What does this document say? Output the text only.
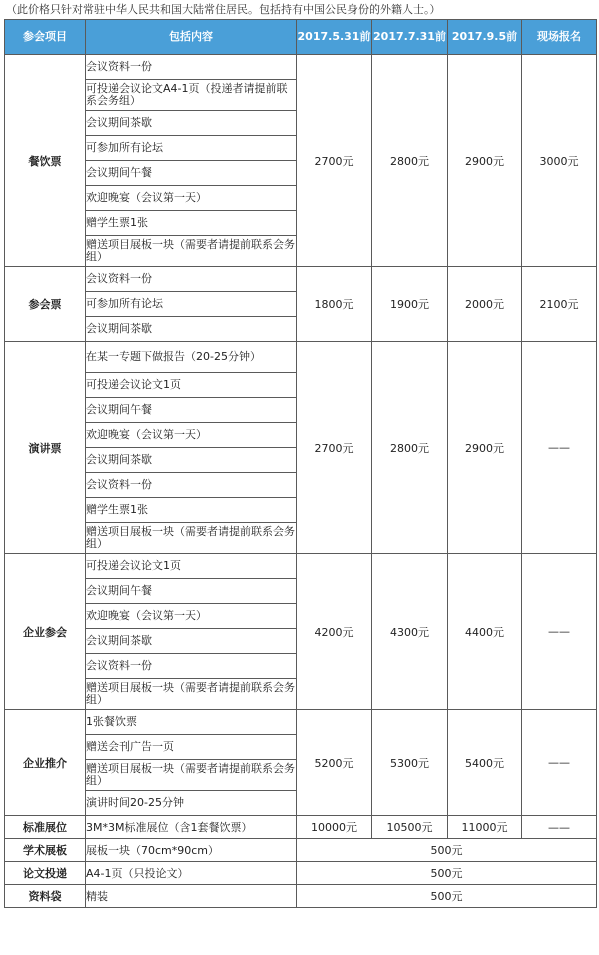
（此价格只针对常驻中华人民共和国大陆常住居民。包括持有中国公民身份的外籍人士。）
参会项目	包括内容	2017.5.31前	2017.7.31前	2017.9.5前	现场报名
餐饮票	会议资料一份	2700元	2800元	2900元	3000元
	可投递会议论文A4-1页（投递者请提前联系会务组）				
	会议期间茶歇				
	可参加所有论坛				
	会议期间午餐				
	欢迎晚宴（会议第一天）				
	赠学生票1张				
	赠送项目展板一块（需要者请提前联系会务组）				
参会票	会议资料一份	1800元	1900元	2000元	2100元
	可参加所有论坛				
	会议期间茶歇				
演讲票	在某一专题下做报告（20-25分钟）	2700元	2800元	2900元	——
	可投递会议论文1页				
	会议期间午餐				
	欢迎晚宴（会议第一天）				
	会议期间茶歇				
	会议资料一份				
	赠学生票1张				
	赠送项目展板一块（需要者请提前联系会务组）				
企业参会	可投递会议论文1页	4200元	4300元	4400元	——
	会议期间午餐				
	欢迎晚宴（会议第一天）				
	会议期间茶歇				
	会议资料一份				
	赠送项目展板一块（需要者请提前联系会务组）				
企业推介	1张餐饮票	5200元	5300元	5400元	——
	赠送会刊广告一页				
	赠送项目展板一块（需要者请提前联系会务组）				
	演讲时间20-25分钟				
标准展位	3M*3M标准展位（含1套餐饮票）	10000元	10500元	11000元	——
学术展板	展板一块（70cm*90cm）	500元			
论文投递	A4-1页（只投论文）	500元			
资料袋	精装	500元			
